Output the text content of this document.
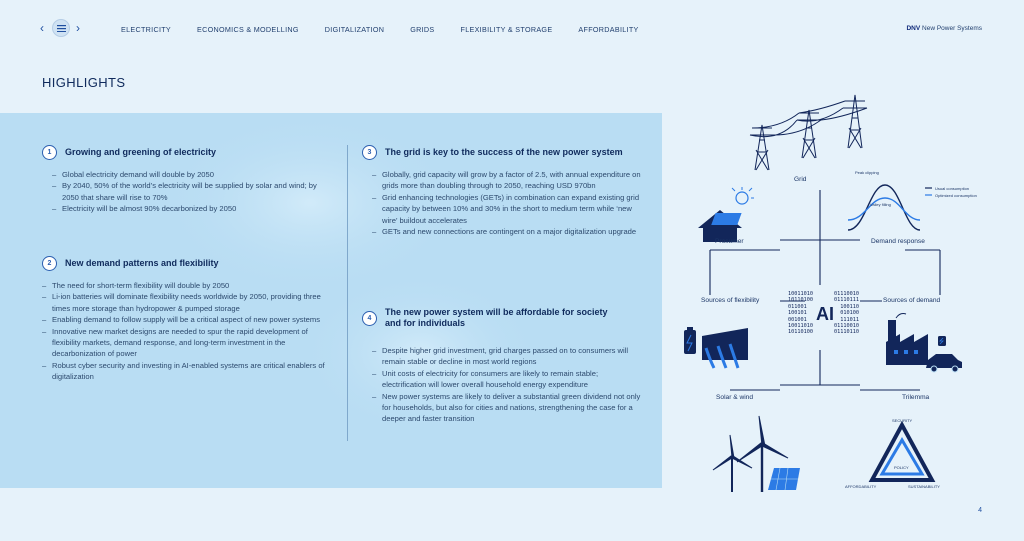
‹	›	ELECTRICITY	ECONOMICS & MODELLING	DIGITALIZATION	GRIDS	FLEXIBILITY & STORAGE	AFFORDABILITY	DNV New Power Systems
HIGHLIGHTS
1	Growing and greening of electricity
– Global electricity demand will double by 2050
– By 2040, 50% of the world’s electricity will be supplied by solar and wind; by 2050 that share will rise to 70%
– Electricity will be almost 90% decarbonized by 2050
2	New demand patterns and flexibility
– The need for short-term flexibility will double by 2050
– Li-ion batteries will dominate flexibility needs worldwide by 2050, providing three times more storage than hydropower & pumped storage
– Enabling demand to follow supply will be a critical aspect of new power systems
– Innovative new market designs are needed to spur the rapid development of flexibility markets, demand response, and long-term investment in the decarbonization of power
– Robust cyber security and investing in AI-enabled systems are critical enablers of digitalization
3	The grid is key to the success of the new power system
– Globally, grid capacity will grow by a factor of 2.5, with annual expenditure on grids more than doubling through to 2050, reaching USD 970bn
– Grid enhancing technologies (GETs) in combination can expand existing grid capacity by between 10% and 30% in the short to medium term while ‘new wire’ buildout accelerates
– GETs and new connections are contingent on a major digitalization upgrade
4
The new power system will be affordable for society and for individuals
– Despite higher grid investment, grid charges passed on to consumers will remain stable or decline in most world regions
– Unit costs of electricity for consumers are likely to remain stable; electrification will lower overall household energy expenditure
– New power systems are likely to deliver a substantial green dividend not only for households, but also for cities and nations, strengthening the case for a deeper and faster transition
Grid
Peak clipping
Valley filling
Usual consumption
Optimized consumption
Prosumer	Demand response
Sources of flexibility	Sources of demand
10011010
10110100
011001
100101
001001
10011010
10110100
AI
01110010
01110111
100110
010100
111011
01110010
01110110
Solar & wind	Trilemma
SECURITY
POLICY
AFFORDABILITY	SUSTAINABILITY
4
